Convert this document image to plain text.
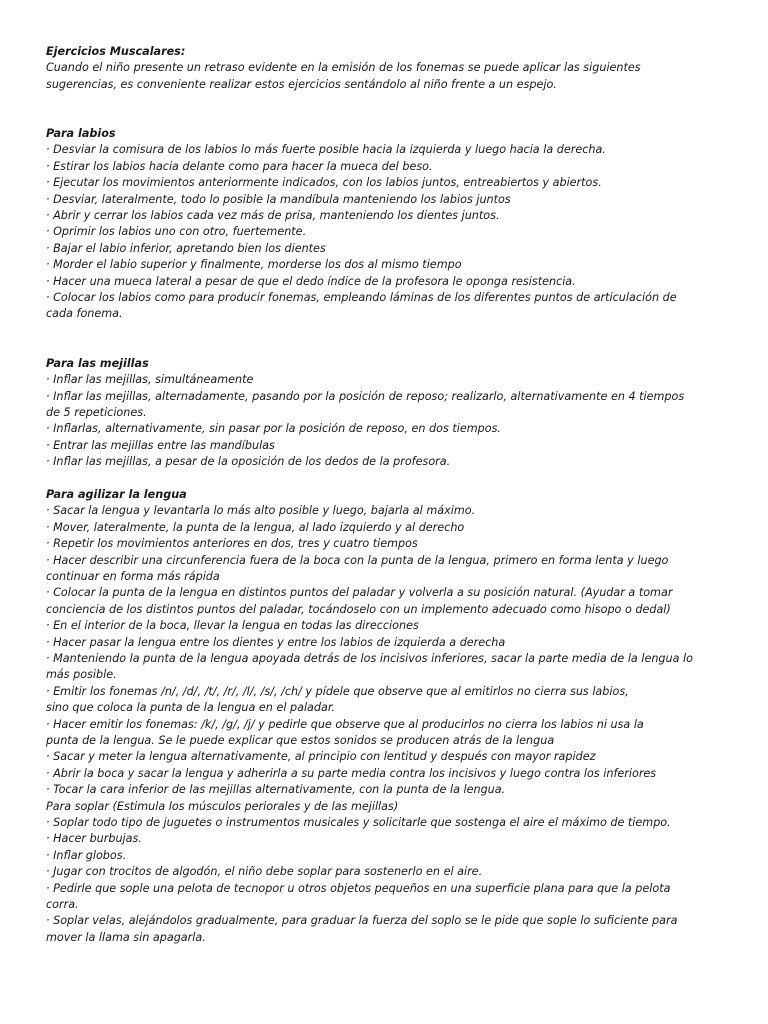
Ejercicios Muscalares:
Cuando el niño presente un retraso evidente en la emisión de los fonemas se puede aplicar las siguientes
sugerencias, es conveniente realizar estos ejercicios sentándolo al niño frente a un espejo.
Para labios
· Desviar la comisura de los labios lo más fuerte posible hacia la izquierda y luego hacia la derecha.
· Estirar los labios hacia delante como para hacer la mueca del beso.
· Ejecutar los movimientos anteriormente indicados, con los labios juntos, entreabiertos y abiertos.
· Desviar, lateralmente, todo lo posible la mandíbula manteniendo los labios juntos
· Abrir y cerrar los labios cada vez más de prisa, manteniendo los dientes juntos.
· Oprimir los labios uno con otro, fuertemente.
· Bajar el labio inferior, apretando bien los dientes
· Morder el labio superior y finalmente, morderse los dos al mismo tiempo
· Hacer una mueca lateral a pesar de que el dedo índice de la profesora le oponga resistencia.
· Colocar los labios como para producir fonemas, empleando láminas de los diferentes puntos de articulación de
cada fonema.
Para las mejillas
· Inflar las mejillas, simultáneamente
· Inflar las mejillas, alternadamente, pasando por la posición de reposo; realizarlo, alternativamente en 4 tiempos
de 5 repeticiones.
· Inflarlas, alternativamente, sin pasar por la posición de reposo, en dos tiempos.
· Entrar las mejillas entre las mandíbulas
· Inflar las mejillas, a pesar de la oposición de los dedos de la profesora.
Para agilizar la lengua
· Sacar la lengua y levantarla lo más alto posible y luego, bajarla al máximo.
· Mover, lateralmente, la punta de la lengua, al lado izquierdo y al derecho
· Repetir los movimientos anteriores en dos, tres y cuatro tiempos
· Hacer describir una circunferencia fuera de la boca con la punta de la lengua, primero en forma lenta y luego
continuar en forma más rápida
· Colocar la punta de la lengua en distintos puntos del paladar y volverla a su posición natural. (Ayudar a tomar
conciencia de los distintos puntos del paladar, tocándoselo con un implemento adecuado como hisopo o dedal)
· En el interior de la boca, llevar la lengua en todas las direcciones
· Hacer pasar la lengua entre los dientes y entre los labios de izquierda a derecha
· Manteniendo la punta de la lengua apoyada detrás de los incisivos inferiores, sacar la parte media de la lengua lo
más posible.
· Emitir los fonemas /n/, /d/, /t/, /r/, /l/, /s/, /ch/ y pídele que observe que al emitirlos no cierra sus labios,
sino que coloca la punta de la lengua en el paladar.
· Hacer emitir los fonemas: /k/, /g/, /j/ y pedirle que observe que al producirlos no cierra los labios ni usa la
punta de la lengua. Se le puede explicar que estos sonidos se producen atrás de la lengua
· Sacar y meter la lengua alternativamente, al principio con lentitud y después con mayor rapidez
· Abrir la boca y sacar la lengua y adherirla a su parte media contra los incisivos y luego contra los inferiores
· Tocar la cara inferior de las mejillas alternativamente, con la punta de la lengua.
Para soplar (Estimula los músculos periorales y de las mejillas)
· Soplar todo tipo de juguetes o instrumentos musicales y solicitarle que sostenga el aire el máximo de tiempo.
· Hacer burbujas.
· Inflar globos.
· Jugar con trocitos de algodón, el niño debe soplar para sostenerlo en el aire.
· Pedirle que sople una pelota de tecnopor u otros objetos pequeños en una superficie plana para que la pelota
corra.
· Soplar velas, alejándolos gradualmente, para graduar la fuerza del soplo se le pide que sople lo suficiente para
mover la llama sin apagarla.
